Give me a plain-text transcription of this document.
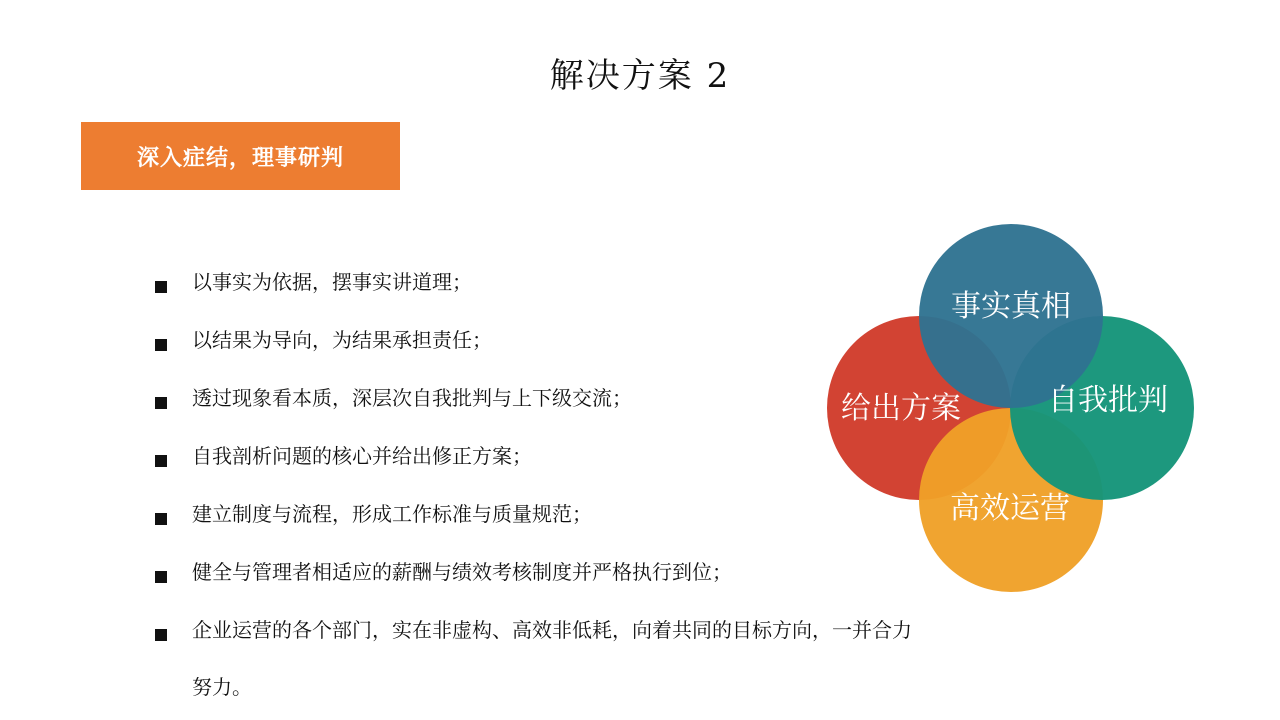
解决方案 2
深入症结，理事研判
以事实为依据，摆事实讲道理；
以结果为导向，为结果承担责任；
透过现象看本质，深层次自我批判与上下级交流；
自我剖析问题的核心并给出修正方案；
建立制度与流程，形成工作标准与质量规范；
健全与管理者相适应的薪酬与绩效考核制度并严格执行到位；
企业运营的各个部门，实在非虚构、高效非低耗，向着共同的目标方向，一并合力努力。
事实真相
给出方案	自我批判
高效运营
